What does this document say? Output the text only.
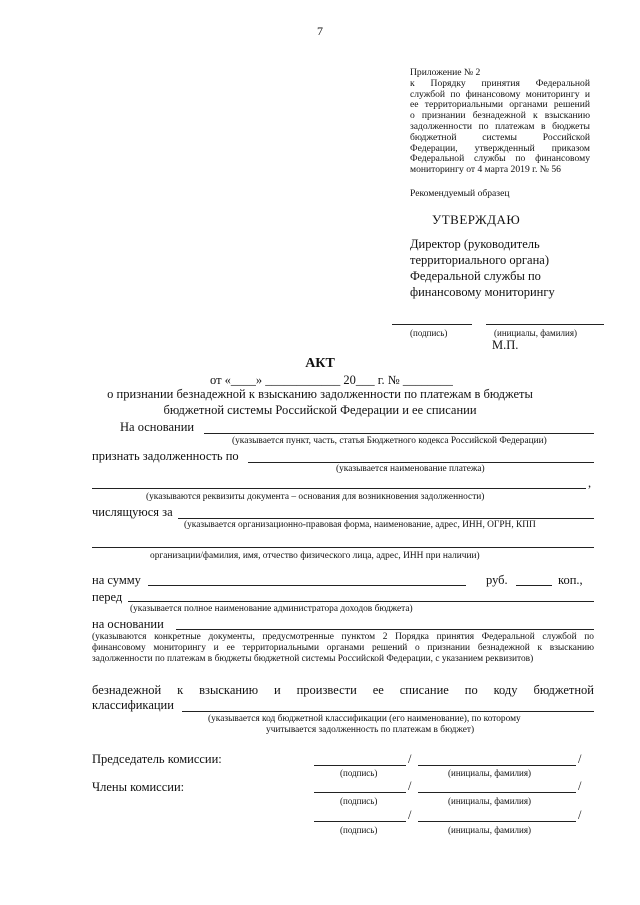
7
Приложение № 2
к Порядку принятия Федеральной
службой по финансовому мониторингу и
ее территориальными органами решений
о признании безнадежной к взысканию
задолженности по платежам в бюджеты
бюджетной системы Российской
Федерации, утвержденный приказом
Федеральной службы по финансовому
мониторингу от 4 марта 2019 г. № 56
Рекомендуемый образец
УТВЕРЖДАЮ
Директор (руководитель
территориального органа)
Федеральной службы по
финансовому мониторингу
(подпись)	(инициалы, фамилия)
М.П.
АКТ
от «____» ____________ 20___ г. № ________
о признании безнадежной к взысканию задолженности по платежам в бюджеты
бюджетной системы Российской Федерации и ее списании
На основании
(указывается пункт, часть, статья Бюджетного кодекса Российской Федерации)
признать задолженность по
(указывается наименование платежа)
,
(указываются реквизиты документа – основания для возникновения задолженности)
числящуюся за
(указывается организационно-правовая форма, наименование, адрес, ИНН, ОГРН, КПП
организации/фамилия, имя, отчество физического лица, адрес, ИНН при наличии)
на сумму	руб.	коп.,
перед
(указывается полное наименование администратора доходов бюджета)
на основании
(указываются конкретные документы, предусмотренные пунктом 2 Порядка принятия Федеральной службой по финансовому мониторингу и ее территориальными органами решений о признании безнадежной к взысканию задолженности по платежам в бюджеты бюджетной системы Российской Федерации, с указанием реквизитов)
безнадежной к взысканию и произвести ее списание по коду бюджетной
классификации
(указывается код бюджетной классификации (его наименование), по которому
учитывается задолженность по платежам в бюджет)
Председатель комиссии:	/	/
(подпись)	(инициалы, фамилия)
Члены комиссии:	/	/
(подпись)	(инициалы, фамилия)
/	/
(подпись)	(инициалы, фамилия)
